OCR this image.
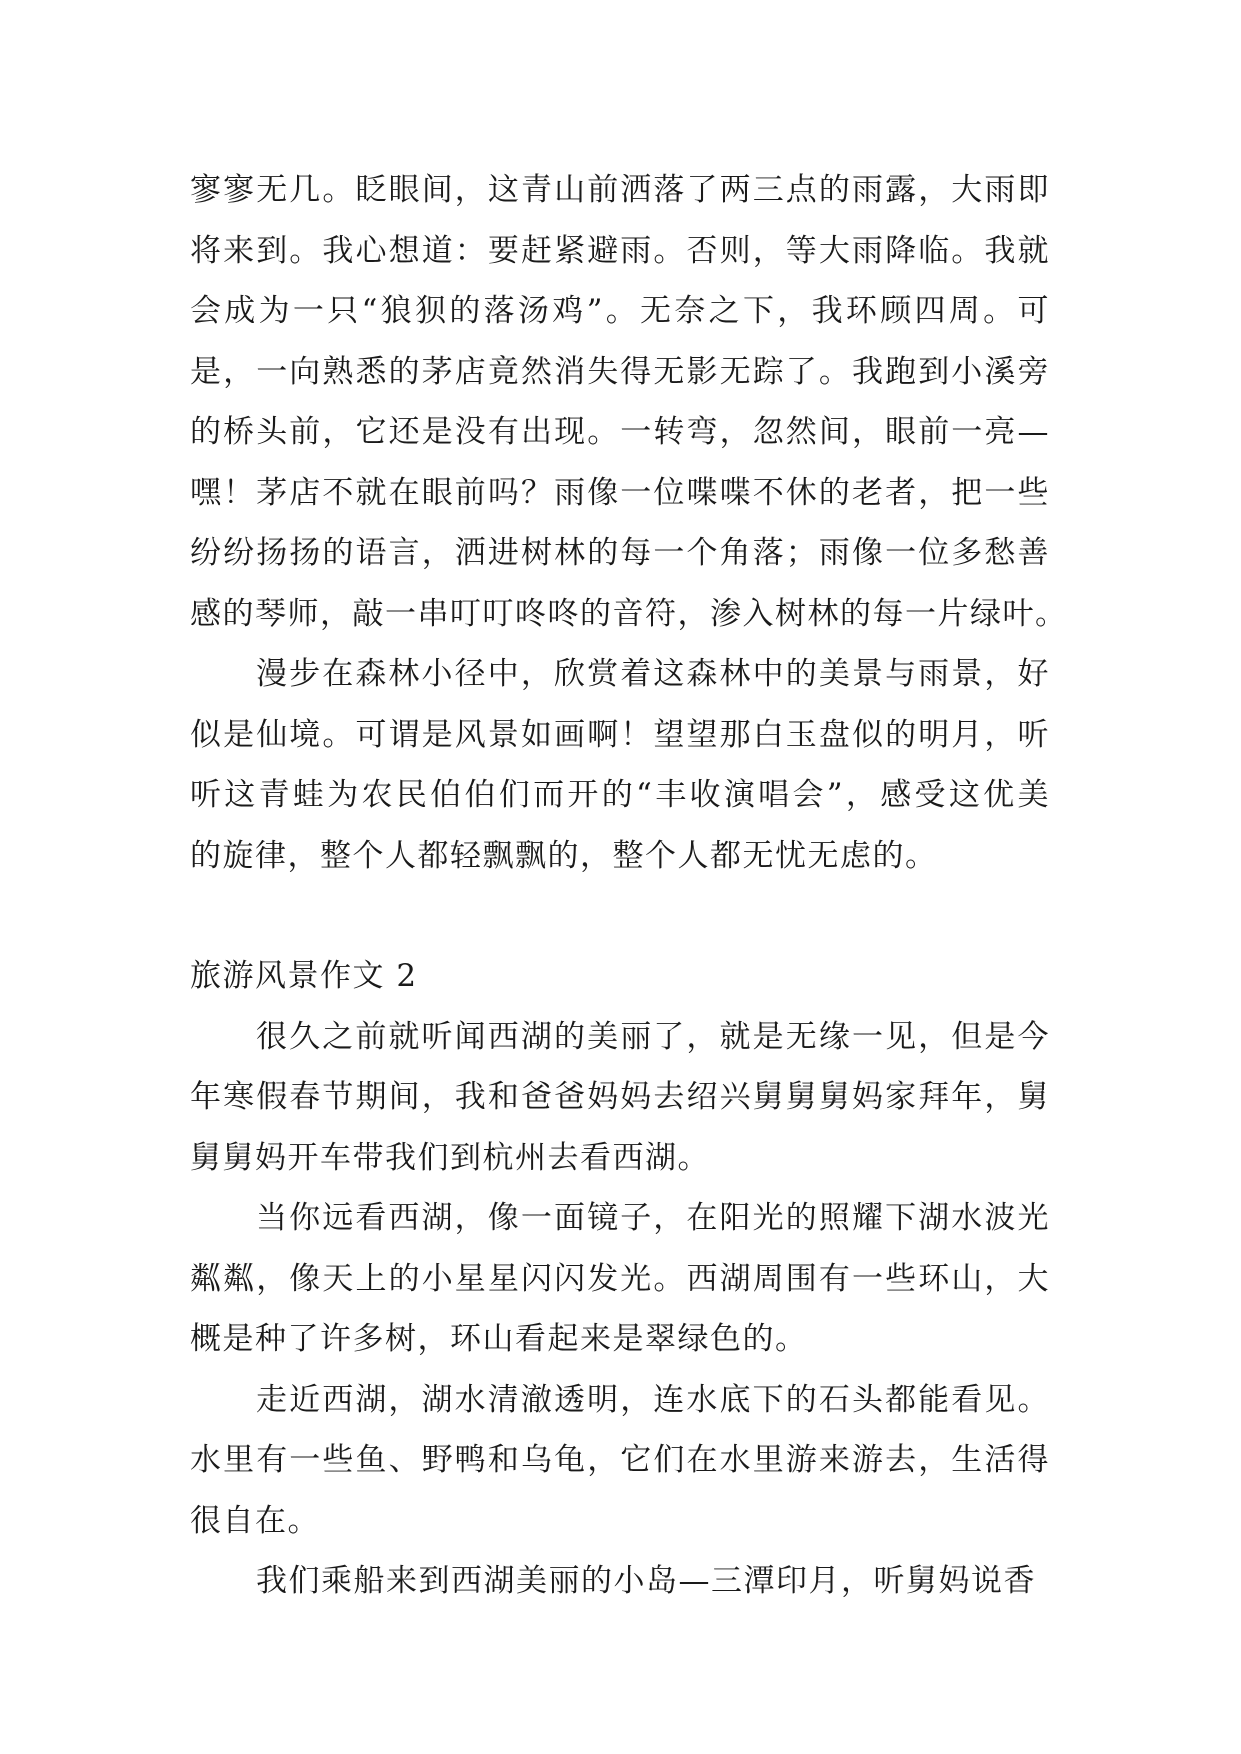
寥寥无几。眨眼间，这青山前洒落了两三点的雨露，大雨即
将来到。我心想道：要赶紧避雨。否则，等大雨降临。我就
会成为一只“狼狈的落汤鸡”。无奈之下，我环顾四周。可
是，一向熟悉的茅店竟然消失得无影无踪了。我跑到小溪旁
的桥头前，它还是没有出现。一转弯，忽然间，眼前一亮—
嘿！茅店不就在眼前吗？雨像一位喋喋不休的老者，把一些
纷纷扬扬的语言，洒进树林的每一个角落；雨像一位多愁善
感的琴师，敲一串叮叮咚咚的音符，渗入树林的每一片绿叶。
漫步在森林小径中，欣赏着这森林中的美景与雨景，好
似是仙境。可谓是风景如画啊！望望那白玉盘似的明月，听
听这青蛙为农民伯伯们而开的“丰收演唱会”，感受这优美
的旋律，整个人都轻飘飘的，整个人都无忧无虑的。
旅游风景作文 2
很久之前就听闻西湖的美丽了，就是无缘一见，但是今
年寒假春节期间，我和爸爸妈妈去绍兴舅舅舅妈家拜年，舅
舅舅妈开车带我们到杭州去看西湖。
当你远看西湖，像一面镜子，在阳光的照耀下湖水波光
粼粼，像天上的小星星闪闪发光。西湖周围有一些环山，大
概是种了许多树，环山看起来是翠绿色的。
走近西湖，湖水清澈透明，连水底下的石头都能看见。
水里有一些鱼、野鸭和乌龟，它们在水里游来游去，生活得
很自在。
我们乘船来到西湖美丽的小岛—三潭印月，听舅妈说香
